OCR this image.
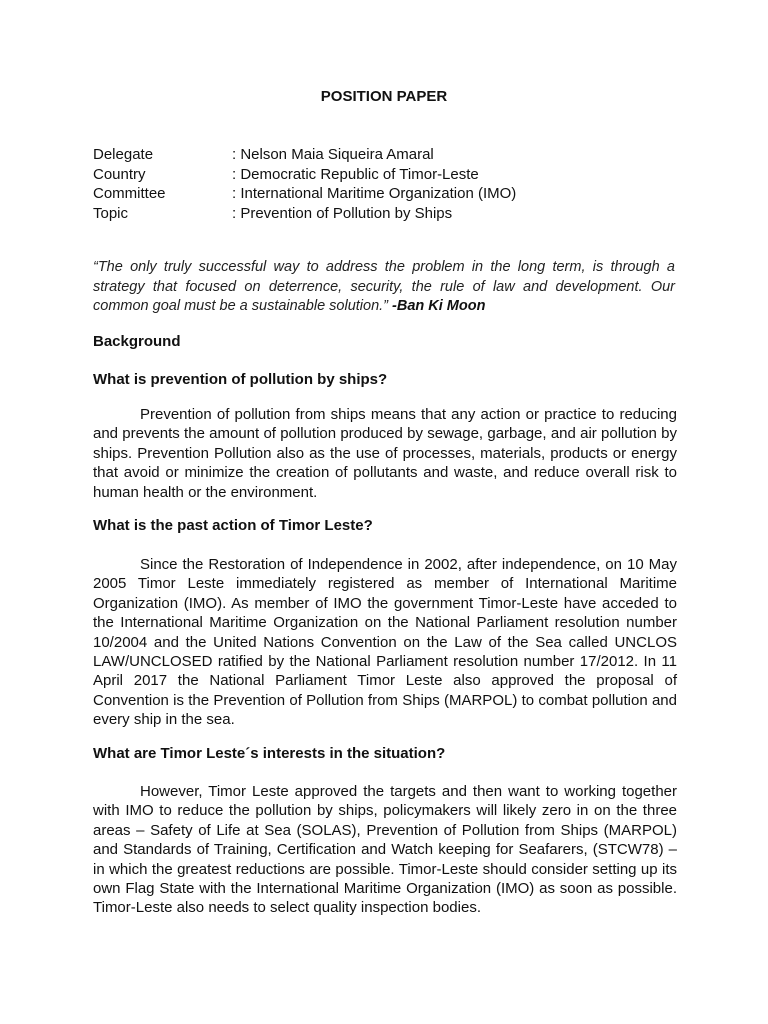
POSITION PAPER
Delegate	: Nelson Maia Siqueira Amaral
Country	: Democratic Republic of Timor-Leste
Committee	: International Maritime Organization (IMO)
Topic	: Prevention of Pollution by Ships
“The only truly successful way to address the problem in the long term, is through a strategy that focused on deterrence, security, the rule of law and development. Our common goal must be a sustainable solution.” -Ban Ki Moon
Background
What is prevention of pollution by ships?
Prevention of pollution from ships means that any action or practice to reducing and prevents the amount of pollution produced by sewage, garbage, and air pollution by ships. Prevention Pollution also as the use of processes, materials, products or energy that avoid or minimize the creation of pollutants and waste, and reduce overall risk to human health or the environment.
What is the past action of Timor Leste?
Since the Restoration of Independence in 2002, after independence, on 10 May 2005 Timor Leste immediately registered as member of International Maritime Organization (IMO). As member of IMO the government Timor-Leste have acceded to the International Maritime Organization on the National Parliament resolution number 10/2004 and the United Nations Convention on the Law of the Sea called UNCLOS LAW/UNCLOSED ratified by the National Parliament resolution number 17/2012. In 11 April 2017 the National Parliament Timor Leste also approved the proposal of Convention is the Prevention of Pollution from Ships (MARPOL) to combat pollution and every ship in the sea.
What are Timor Leste´s interests in the situation?
However, Timor Leste approved the targets and then want to working together with IMO to reduce the pollution by ships, policymakers will likely zero in on the three areas – Safety of Life at Sea (SOLAS), Prevention of Pollution from Ships (MARPOL) and Standards of Training, Certification and Watch keeping for Seafarers, (STCW78) – in which the greatest reductions are possible. Timor-Leste should consider setting up its own Flag State with the International Maritime Organization (IMO) as soon as possible. Timor-Leste also needs to select quality inspection bodies.
